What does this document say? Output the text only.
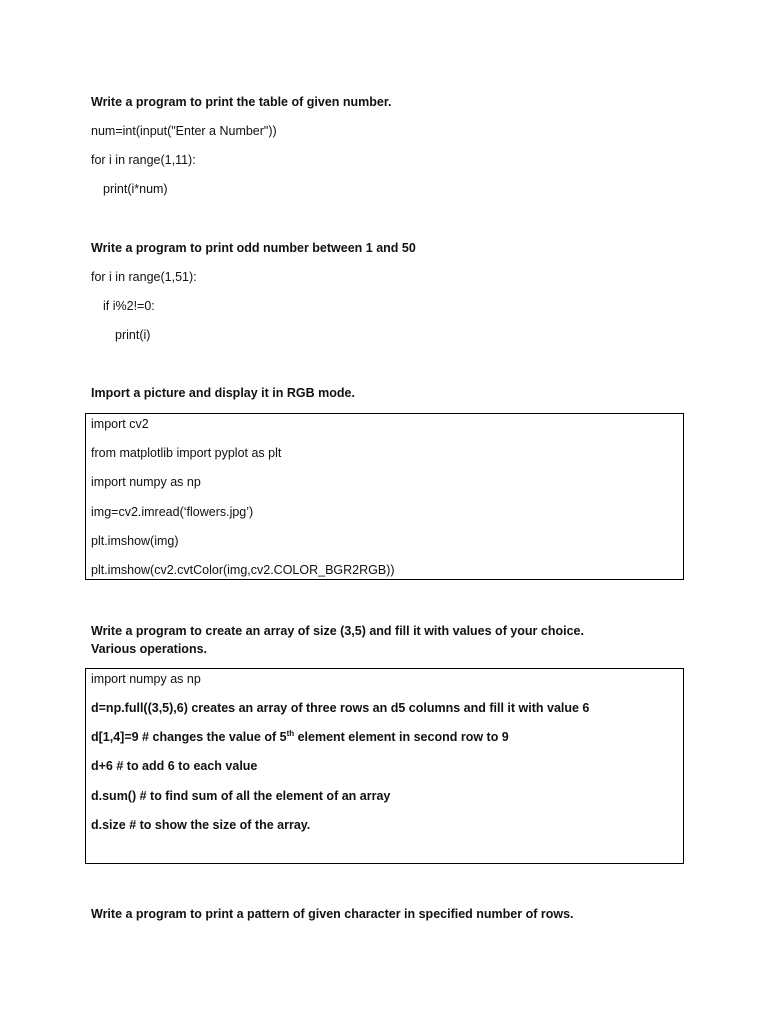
Write a program to print the table of given number.
num=int(input("Enter a Number"))
for i in range(1,11):
print(i*num)
Write a program to print odd number between 1 and 50
for i in range(1,51):
if i%2!=0:
print(i)
Import a picture and display it in RGB mode.
import cv2
from matplotlib import pyplot as plt
import numpy as np
img=cv2.imread(‘flowers.jpg’)
plt.imshow(img)
plt.imshow(cv2.cvtColor(img,cv2.COLOR_BGR2RGB))
Write a program to create an array of size (3,5) and fill it with values of your choice. Various operations.
import numpy as np
d=np.full((3,5),6) creates an array of three rows an d5 columns and fill it with value 6
d[1,4]=9 # changes the value of 5th element element in second row to 9
d+6 # to add 6 to each value
d.sum() # to find sum of all the element of an array
d.size # to show the size of the array.
Write a program to print a pattern of given character in specified number of rows.
